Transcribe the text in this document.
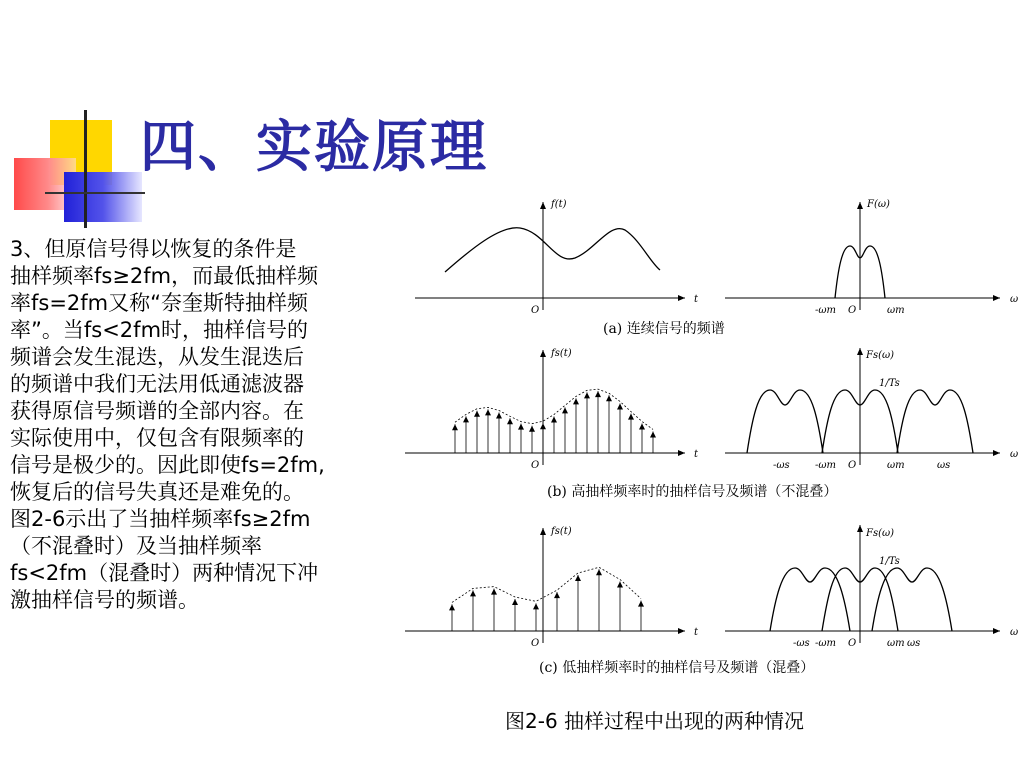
四、实验原理
3、但原信号得以恢复的条件是
抽样频率fs≥2fm，而最低抽样频
率fs=2fm又称“奈奎斯特抽样频
率”。当fs<2fm时，抽样信号的
频谱会发生混迭，从发生混迭后
的频谱中我们无法用低通滤波器
获得原信号频谱的全部内容。在
实际使用中，仅包含有限频率的
信号是极少的。因此即使fs=2fm,
恢复后的信号失真还是难免的。
图2-6示出了当抽样频率fs≥2fm
（不混叠时）及当抽样频率
fs<2fm（混叠时）两种情况下冲
激抽样信号的频谱。
f(t)
t
O
F(ω)
ω
O
-ωm	ωm
fs(t)
t
O
Fs(ω)
1/Ts
ω
O
-ωs	-ωm	ωm	ωs
fs(t)
t
O
Fs(ω)
1/Ts
ω
O
-ωs -ωm	ωm ωs
(a) 连续信号的频谱
(b) 高抽样频率时的抽样信号及频谱（不混叠）
(c) 低抽样频率时的抽样信号及频谱（混叠）
图2-6 抽样过程中出现的两种情况
